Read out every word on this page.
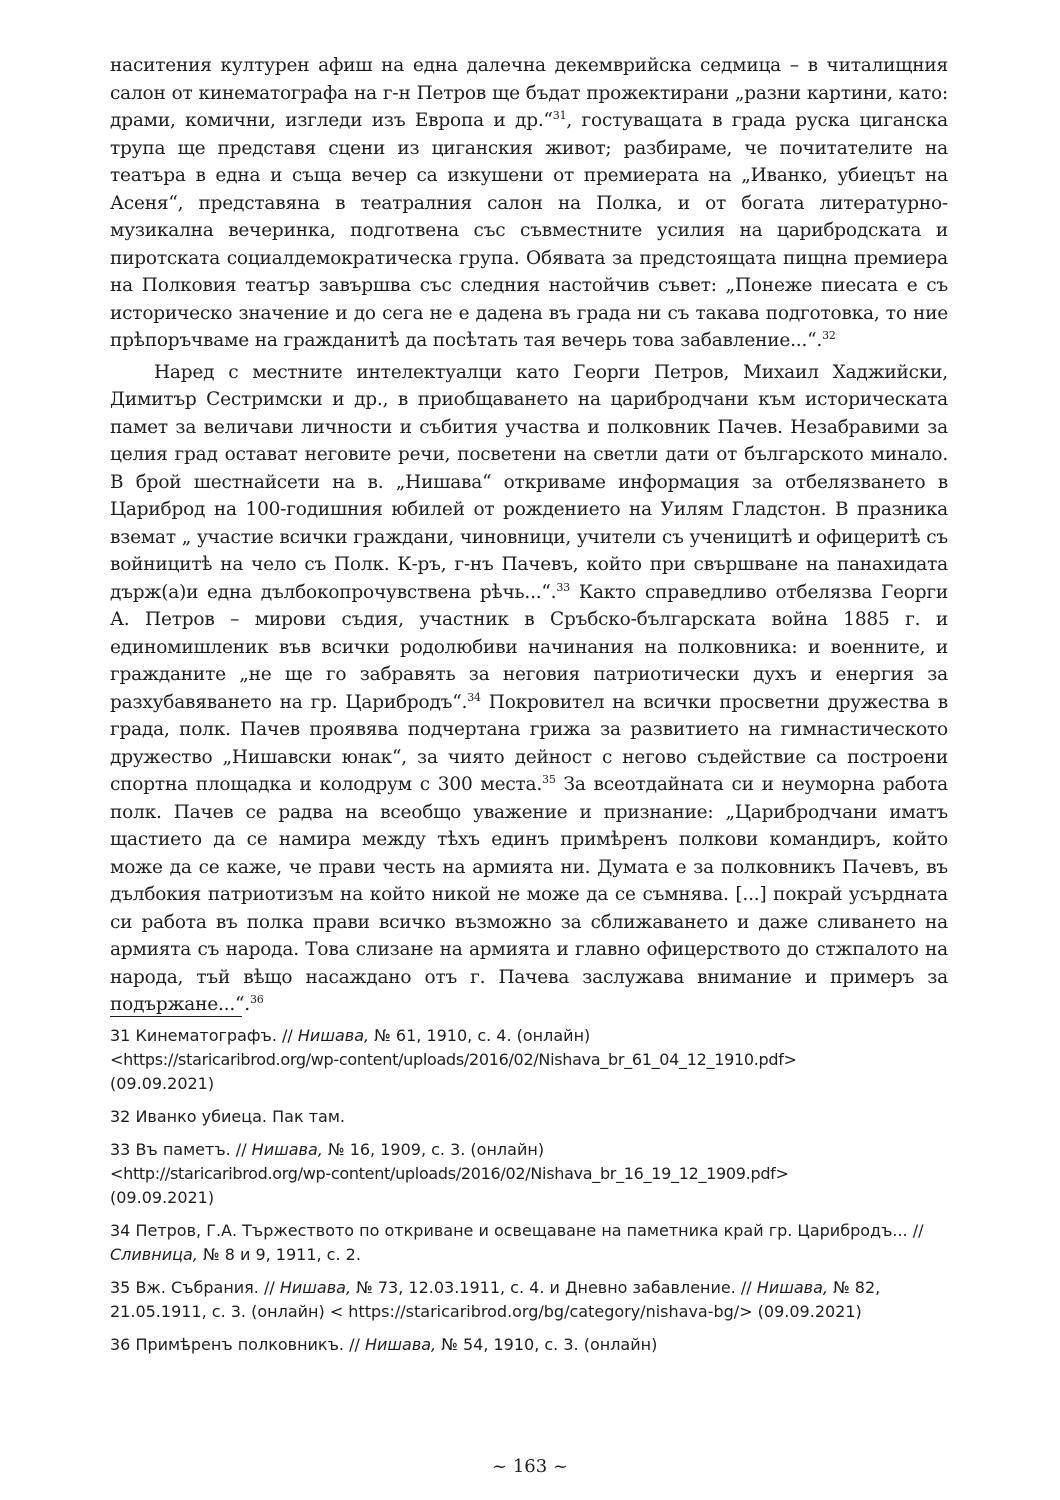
наситения културен афиш на една далечна декемврийска седмица – в читалищния салон от кинематографа на г-н Петров ще бъдат прожектирани „разни картини, като: драми, комични, изгледи изъ Европа и др.“$^{31}$, гостуващата в града руска циганска трупа ще представя сцени из циганския живот; разбираме, че почитателите на театъра в една и съща вечер са изкушени от премиерата на „Иванко, убиецът на Асеня“, представяна в театралния салон на Полка, и от богата литературно-музикална вечеринка, подготвена със съвместните усилия на царибродската и пиротската социалдемократическа група. Обявата за предстоящата пищна премиера на Полковия театър завършва със следния настойчив съвет: „Понеже пиесата е съ историческо значение и до сега не е дадена въ града ни съ такава подготовка, то ние прѣпоръчваме на гражданитѣ да посѣтать тая вечерь това забавление...“.$^{32}$

Наред с местните интелектуалци като Георги Петров, Михаил Хаджийски, Димитър Сестримски и др., в приобщаването на царибродчани към историческата памет за величави личности и събития участва и полковник Пачев. Незабравими за целия град остават неговите речи, посветени на светли дати от българското минало. В брой шестнайсети на в. „Нишава“ откриваме информация за отбелязването в Цариброд на 100-годишния юбилей от рождението на Уилям Гладстон. В празника вземат „ участие всички граждани, чиновници, учители съ ученицитѣ и офицеритѣ съ войницитѣ на чело съ Полк. К-ръ, г-нъ Пачевъ, който при свършване на панахидата държ(а)и една дълбокопрочувствена рѣчь...“.$^{33}$ Както справедливо отбелязва Георги А. Петров – мирови съдия, участник в Сръбско-българската война 1885 г. и единомишленик във всички родолюбиви начинания на полковника: и военните, и гражданите „не ще го забравять за неговия патриотически духъ и енергия за разхубавяването на гр. Царибродъ“.$^{34}$ Покровител на всички просветни дружества в града, полк. Пачев проявява подчертана грижа за развитието на гимнастическото дружество „Нишавски юнак“, за чиято дейност с негово съдействие са построени спортна площадка и колодрум с 300 места.$^{35}$ За всеотдайната си и неуморна работа полк. Пачев се радва на всеобщо уважение и признание: „Царибродчани иматъ щастието да се намира между тѣхъ единъ примѣренъ полкови командиръ, който може да се каже, че прави честь на армията ни. Думата е за полковникъ Пачевъ, въ дълбокия патриотизъм на който никой не може да се съмнява. [...] покрай усърдната си работа въ полка прави всичко възможно за сближаването и даже сливането на армията съ народа. Това слизане на армията и главно офицерството до стжпалото на народа, тъй вѣщо насаждано отъ г. Пачева заслужава внимание и примеръ за подържане...“.$^{36}$

31 Кинематографъ. // Нишава, № 61, 1910, с. 4. (онлайн)
<https://staricaribrod.org/wp-content/uploads/2016/02/Nishava_br_61_04_12_1910.pdf>
(09.09.2021)
32 Иванко убиеца. Пак там.
33 Въ паметъ. // Нишава, № 16, 1909, с. 3. (онлайн)
<http://staricaribrod.org/wp-content/uploads/2016/02/Nishava_br_16_19_12_1909.pdf>
(09.09.2021)
34 Петров, Г.А. Тържеството по откриване и освещаване на паметника край гр. Царибродъ... // Сливница, № 8 и 9, 1911, с. 2.
35 Вж. Събрания. // Нишава, № 73, 12.03.1911, с. 4. и Дневно забавление. // Нишава, № 82, 21.05.1911, с. 3. (онлайн) < https://staricaribrod.org/bg/category/nishava-bg/> (09.09.2021)
36 Примѣренъ полковникъ. // Нишава, № 54, 1910, с. 3. (онлайн)
~ 163 ~
